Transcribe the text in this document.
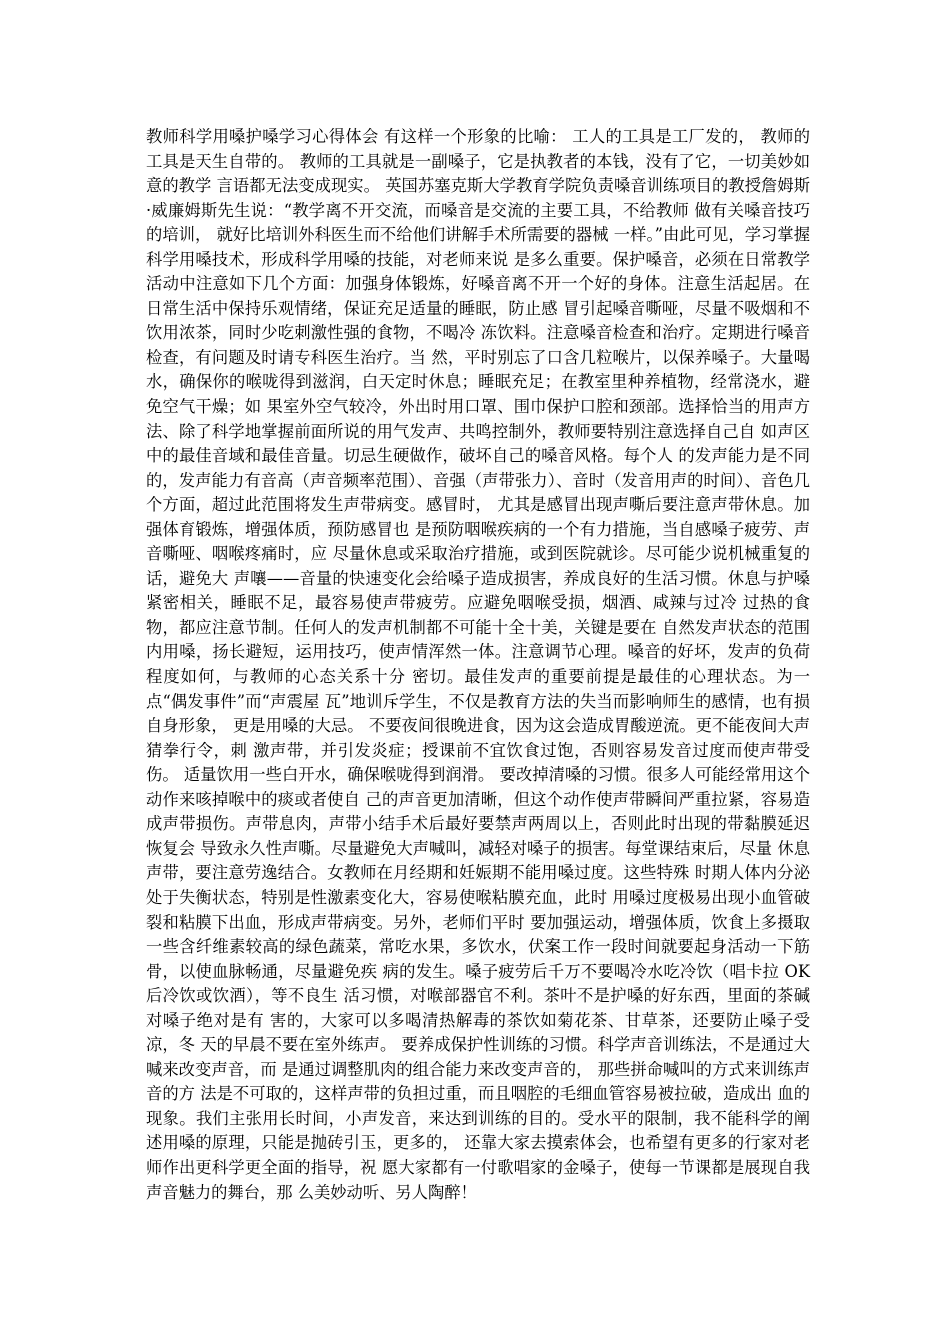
教师科学用嗓护嗓学习心得体会 有这样一个形象的比喻： 工人的工具是工厂发的， 教师的工具是天生自带的。 教师的工具就是一副嗓子，它是执教者的本钱，没有了它，一切美妙如意的教学 言语都无法变成现实。 英国苏塞克斯大学教育学院负责嗓音训练项目的教授詹姆斯·威廉姆斯先生说：“教学离不开交流，而嗓音是交流的主要工具，不给教师 做有关嗓音技巧的培训， 就好比培训外科医生而不给他们讲解手术所需要的器械 一样。”由此可见，学习掌握科学用嗓技术，形成科学用嗓的技能，对老师来说 是多么重要。保护嗓音，必须在日常教学活动中注意如下几个方面：加强身体锻炼，好嗓音离不开一个好的身体。注意生活起居。在日常生活中保持乐观情绪，保证充足适量的睡眠，防止感 冒引起嗓音嘶哑，尽量不吸烟和不饮用浓茶，同时少吃刺激性强的食物，不喝冷 冻饮料。注意嗓音检查和治疗。定期进行嗓音检查，有问题及时请专科医生治疗。当 然，平时别忘了口含几粒喉片，以保养嗓子。大量喝水，确保你的喉咙得到滋润，白天定时休息；睡眠充足；在教室里种养植物，经常浇水，避免空气干燥；如 果室外空气较冷，外出时用口罩、围巾保护口腔和颈部。选择恰当的用声方法、除了科学地掌握前面所说的用气发声、共鸣控制外，教师要特别注意选择自己自 如声区中的最佳音域和最佳音量。切忌生硬做作，破坏自己的嗓音风格。每个人 的发声能力是不同的，发声能力有音高（声音频率范围）、音强（声带张力）、音时（发音用声的时间）、音色几个方面，超过此范围将发生声带病变。感冒时， 尤其是感冒出现声嘶后要注意声带休息。加强体育锻炼，增强体质，预防感冒也 是预防咽喉疾病的一个有力措施，当自感嗓子疲劳、声音嘶哑、咽喉疼痛时，应 尽量休息或采取治疗措施，或到医院就诊。尽可能少说机械重复的话，避免大 声嚷——音量的快速变化会给嗓子造成损害，养成良好的生活习惯。休息与护嗓 紧密相关，睡眠不足，最容易使声带疲劳。应避免咽喉受损，烟酒、咸辣与过冷 过热的食物，都应注意节制。任何人的发声机制都不可能十全十美，关键是要在 自然发声状态的范围内用嗓，扬长避短，运用技巧，使声情浑然一体。注意调节心理。嗓音的好坏，发声的负荷程度如何，与教师的心态关系十分 密切。最佳发声的重要前提是最佳的心理状态。为一点“偶发事件”而“声震屋 瓦”地训斥学生，不仅是教育方法的失当而影响师生的感情，也有损自身形象， 更是用嗓的大忌。 不要夜间很晚进食，因为这会造成胃酸逆流。更不能夜间大声猜拳行令，刺 激声带，并引发炎症；授课前不宜饮食过饱，否则容易发音过度而使声带受伤。 适量饮用一些白开水，确保喉咙得到润滑。 要改掉清嗓的习惯。很多人可能经常用这个动作来咳掉喉中的痰或者使自 己的声音更加清晰，但这个动作使声带瞬间严重拉紧，容易造成声带损伤。声带息肉，声带小结手术后最好要禁声两周以上，否则此时出现的带黏膜延迟恢复会 导致永久性声嘶。尽量避免大声喊叫，减轻对嗓子的损害。每堂课结束后，尽量 休息声带，要注意劳逸结合。女教师在月经期和妊娠期不能用嗓过度。这些特殊 时期人体内分泌处于失衡状态，特别是性激素变化大，容易使喉粘膜充血，此时 用嗓过度极易出现小血管破裂和粘膜下出血，形成声带病变。另外，老师们平时 要加强运动，增强体质，饮食上多摄取一些含纤维素较高的绿色蔬菜，常吃水果，多饮水，伏案工作一段时间就要起身活动一下筋骨，以使血脉畅通，尽量避免疾 病的发生。嗓子疲劳后千万不要喝冷水吃冷饮（唱卡拉 OK 后冷饮或饮酒），等不良生 活习惯，对喉部器官不利。茶叶不是护嗓的好东西，里面的茶碱对嗓子绝对是有 害的，大家可以多喝清热解毒的茶饮如菊花茶、甘草茶，还要防止嗓子受凉，冬 天的早晨不要在室外练声。 要养成保护性训练的习惯。科学声音训练法，不是通过大喊来改变声音，而 是通过调整肌肉的组合能力来改变声音的， 那些拼命喊叫的方式来训练声音的方 法是不可取的，这样声带的负担过重，而且咽腔的毛细血管容易被拉破，造成出 血的现象。我们主张用长时间，小声发音，来达到训练的目的。受水平的限制，我不能科学的阐述用嗓的原理，只能是抛砖引玉，更多的， 还靠大家去摸索体会，也希望有更多的行家对老师作出更科学更全面的指导，祝 愿大家都有一付歌唱家的金嗓子，使每一节课都是展现自我声音魅力的舞台，那 么美妙动听、另人陶醉！
